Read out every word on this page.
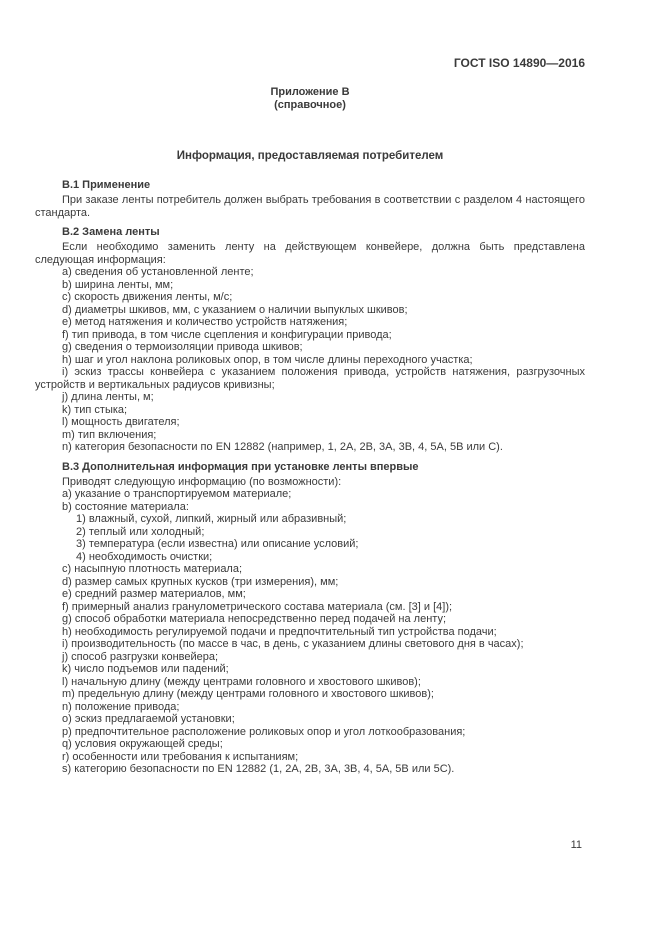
ГОСТ ISO 14890—2016
Приложение В
(справочное)
Информация, предоставляемая потребителем
В.1 Применение

При заказе ленты потребитель должен выбрать требования в соответствии с разделом 4 настоящего стандарта.

В.2 Замена ленты

Если необходимо заменить ленту на действующем конвейере, должна быть представлена следующая информация:

a) сведения об установленной ленте;

b) ширина ленты, мм;

c) скорость движения ленты, м/с;

d) диаметры шкивов, мм, с указанием о наличии выпуклых шкивов;

e) метод натяжения и количество устройств натяжения;

f) тип привода, в том числе сцепления и конфигурации привода;

g) сведения о термоизоляции привода шкивов;

h) шаг и угол наклона роликовых опор, в том числе длины переходного участка;

i) эскиз трассы конвейера с указанием положения привода, устройств натяжения, разгрузочных устройств и вертикальных радиусов кривизны;

j) длина ленты, м;

k) тип стыка;

l) мощность двигателя;

m) тип включения;

n) категория безопасности по EN 12882 (например, 1, 2A, 2B, 3A, 3B, 4, 5A, 5B или C).

В.3 Дополнительная информация при установке ленты впервые

Приводят следующую информацию (по возможности):

a) указание о транспортируемом материале;

b) состояние материала:

1) влажный, сухой, липкий, жирный или абразивный;

2) теплый или холодный;

3) температура (если известна) или описание условий;

4) необходимость очистки;

c) насыпную плотность материала;

d) размер самых крупных кусков (три измерения), мм;

e) средний размер материалов, мм;

f) примерный анализ гранулометрического состава материала (см. [3] и [4]);

g) способ обработки материала непосредственно перед подачей на ленту;

h) необходимость регулируемой подачи и предпочтительный тип устройства подачи;

i) производительность (по массе в час, в день, с указанием длины светового дня в часах);

j) способ разгрузки конвейера;

k) число подъемов или падений;

l) начальную длину (между центрами головного и хвостового шкивов);

m) предельную длину (между центрами головного и хвостового шкивов);

n) положение привода;

o) эскиз предлагаемой установки;

p) предпочтительное расположение роликовых опор и угол лоткообразования;

q) условия окружающей среды;

r) особенности или требования к испытаниям;

s) категорию безопасности по EN 12882 (1, 2A, 2B, 3A, 3B, 4, 5A, 5B или 5C).

11
